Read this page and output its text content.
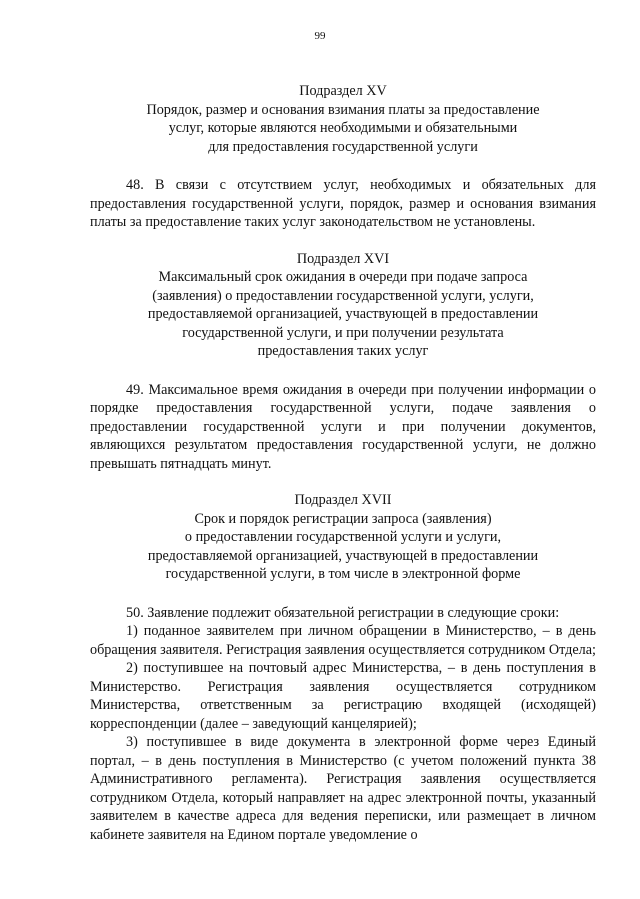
99
Подраздел XV
Порядок, размер и основания взимания платы за предоставление
услуг, которые являются необходимыми и обязательными
для предоставления государственной услуги

48. В связи с отсутствием услуг, необходимых и обязательных для предоставления государственной услуги, порядок, размер и основания взимания платы за предоставление таких услуг законодательством не установлены.

Подраздел XVI
Максимальный срок ожидания в очереди при подаче запроса
(заявления) о предоставлении государственной услуги, услуги,
предоставляемой организацией, участвующей в предоставлении
государственной услуги, и при получении результата
предоставления таких услуг

49. Максимальное время ожидания в очереди при получении информации о порядке предоставления государственной услуги, подаче заявления о предоставлении государственной услуги и при получении документов, являющихся результатом предоставления государственной услуги, не должно превышать пятнадцать минут.

Подраздел XVII
Срок и порядок регистрации запроса (заявления)
о предоставлении государственной услуги и услуги,
предоставляемой организацией, участвующей в предоставлении
государственной услуги, в том числе в электронной форме

50. Заявление подлежит обязательной регистрации в следующие сроки:

1) поданное заявителем при личном обращении в Министерство, – в день обращения заявителя. Регистрация заявления осуществляется сотрудником Отдела;

2) поступившее на почтовый адрес Министерства, – в день поступления в Министерство. Регистрация заявления осуществляется сотрудником Министерства, ответственным за регистрацию входящей (исходящей) корреспонденции (далее – заведующий канцелярией);

3) поступившее в виде документа в электронной форме через Единый портал, – в день поступления в Министерство (с учетом положений пункта 38 Административного регламента). Регистрация заявления осуществляется сотрудником Отдела, который направляет на адрес электронной почты, указанный заявителем в качестве адреса для ведения переписки, или размещает в личном кабинете заявителя на Едином портале уведомление о
